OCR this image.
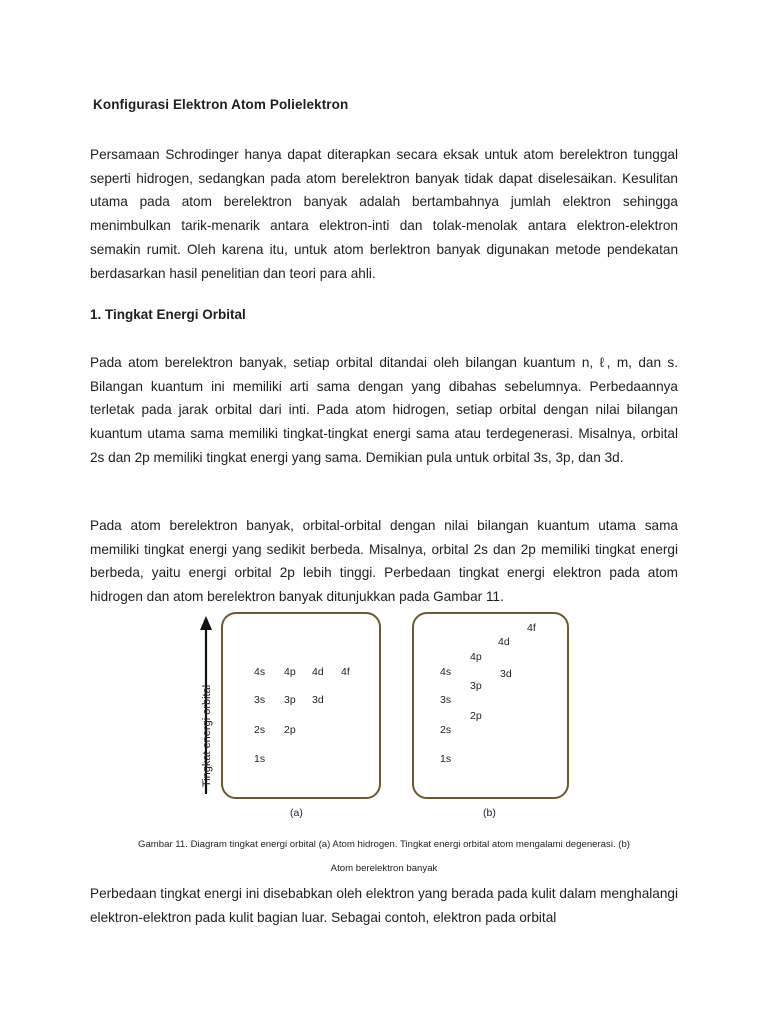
Konfigurasi Elektron Atom Polielektron

Persamaan Schrodinger hanya dapat diterapkan secara eksak untuk atom berelektron tunggal seperti hidrogen, sedangkan pada atom berelektron banyak tidak dapat diselesaikan. Kesulitan utama pada atom berelektron banyak adalah bertambahnya jumlah elektron sehingga menimbulkan tarik-menarik antara elektron-inti dan tolak-menolak antara elektron-elektron semakin rumit. Oleh karena itu, untuk atom berlektron banyak digunakan metode pendekatan berdasarkan hasil penelitian dan teori para ahli.

1. Tingkat Energi Orbital

Pada atom berelektron banyak, setiap orbital ditandai oleh bilangan kuantum n, ℓ, m, dan s. Bilangan kuantum ini memiliki arti sama dengan yang dibahas sebelumnya. Perbedaannya terletak pada jarak orbital dari inti. Pada atom hidrogen, setiap orbital dengan nilai bilangan kuantum utama sama memiliki tingkat-tingkat energi sama atau terdegenerasi. Misalnya, orbital 2s dan 2p memiliki tingkat energi yang sama. Demikian pula untuk orbital 3s, 3p, dan 3d.

Pada atom berelektron banyak, orbital-orbital dengan nilai bilangan kuantum utama sama memiliki tingkat energi yang sedikit berbeda. Misalnya, orbital 2s dan 2p memiliki tingkat energi berbeda, yaitu energi orbital 2p lebih tinggi. Perbedaan tingkat energi elektron pada atom hidrogen dan atom berelektron banyak ditunjukkan pada Gambar 11.

Tingkat energi orbital
4s 4p 4d 4f
3s 3p 3d
2s 2p
1s
(a)
4f
4d
4p
3d
4s
3p
3s
2p
2s
1s
(b)
Gambar 11. Diagram tingkat energi orbital (a) Atom hidrogen. Tingkat energi orbital atom mengalami degenerasi. (b)
Atom berelektron banyak

Perbedaan tingkat energi ini disebabkan oleh elektron yang berada pada kulit dalam menghalangi elektron-elektron pada kulit bagian luar. Sebagai contoh, elektron pada orbital
